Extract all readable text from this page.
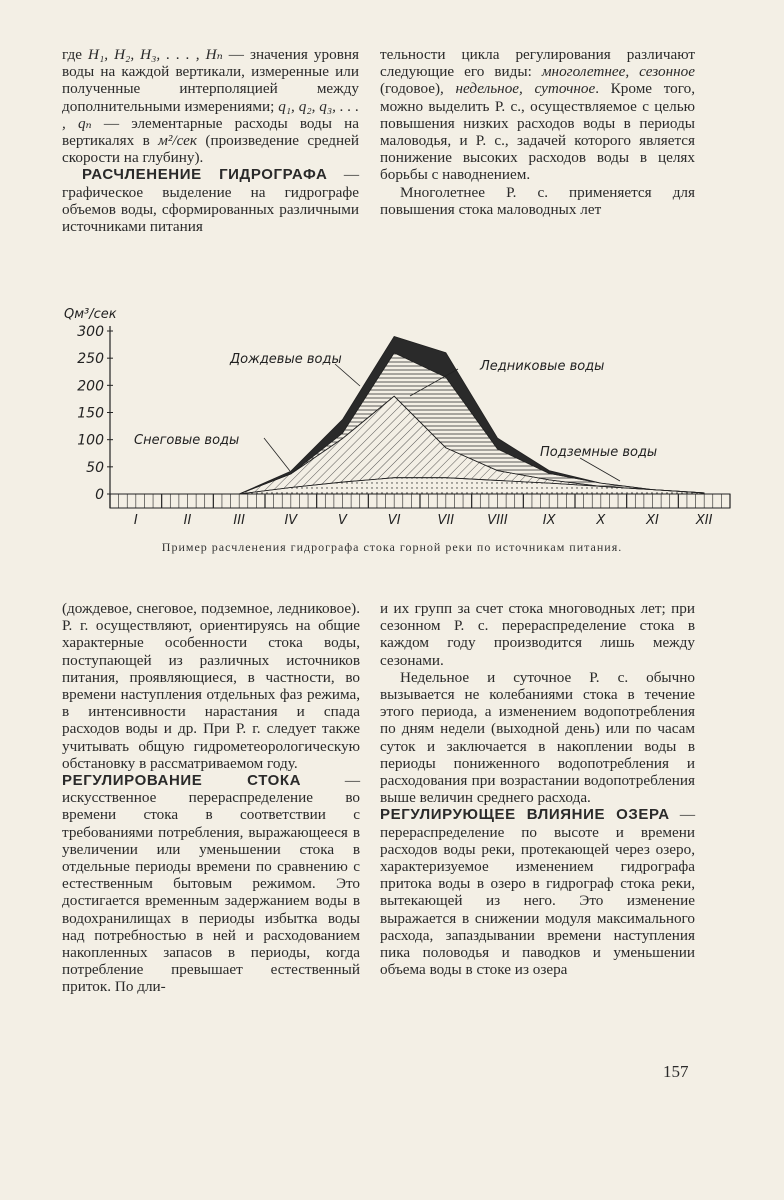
где H₁, H₂, H₃, . . . , Hₙ — значения уровня воды на каждой вертикали, измеренные или полученные интерполяцией между дополнительными измерениями; q₁, q₂, q₃, . . . , qₙ — элементарные расходы воды на вертикалях в м²/сек (произведение средней скорости на глубину).

РАСЧЛЕНЕНИЕ ГИДРОГРАФА — графическое выделение на гидрографе объемов воды, сформированных различными источниками питания

тельности цикла регулирования различают следующие его виды: многолетнее, сезонное (годовое), недельное, суточное. Кроме того, можно выделить Р. с., осуществляемое с целью повышения низких расходов воды в периоды маловодья, и Р. с., задачей которого является понижение высоких расходов воды в целях борьбы с наводнением.

Многолетнее Р. с. применяется для повышения стока маловодных лет

Qм³/сек
0
50
100
150
200
250
300
I	II	III	IV	V	VI	VII	VIII	IX	X	XI	XII
Дождевые воды	Ледниковые воды
Снеговые воды
Подземные воды
Пример расчленения гидрографа стока горной реки по источникам питания.

(дождевое, снеговое, подземное, ледниковое). Р. г. осуществляют, ориентируясь на общие характерные особенности стока воды, поступающей из различных источников питания, проявляющиеся, в частности, во времени наступления отдельных фаз режима, в интенсивности нарастания и спада расходов воды и др. При Р. г. следует также учитывать общую гидрометеорологическую обстановку в рассматриваемом году.

РЕГУЛИРОВАНИЕ СТОКА — искусственное перераспределение во времени стока в соответствии с требованиями потребления, выражающееся в увеличении или уменьшении стока в отдельные периоды времени по сравнению с естественным бытовым режимом. Это достигается временным задержанием воды в водохранилищах в периоды избытка воды над потребностью в ней и расходованием накопленных запасов в периоды, когда потребление превышает естественный приток. По дли-

и их групп за счет стока многоводных лет; при сезонном Р. с. перераспределение стока в каждом году производится лишь между сезонами.

Недельное и суточное Р. с. обычно вызывается не колебаниями стока в течение этого периода, а изменением водопотребления по дням недели (выходной день) или по часам суток и заключается в накоплении воды в периоды пониженного водопотребления и расходования при возрастании водопотребления выше величин среднего расхода.

РЕГУЛИРУЮЩЕЕ ВЛИЯНИЕ ОЗЕРА — перераспределение по высоте и времени расходов воды реки, протекающей через озеро, характеризуемое изменением гидрографа притока воды в озеро в гидрограф стока реки, вытекающей из него. Это изменение выражается в снижении модуля максимального расхода, запаздывании времени наступления пика половодья и паводков и уменьшении объема воды в стоке из озера

157
